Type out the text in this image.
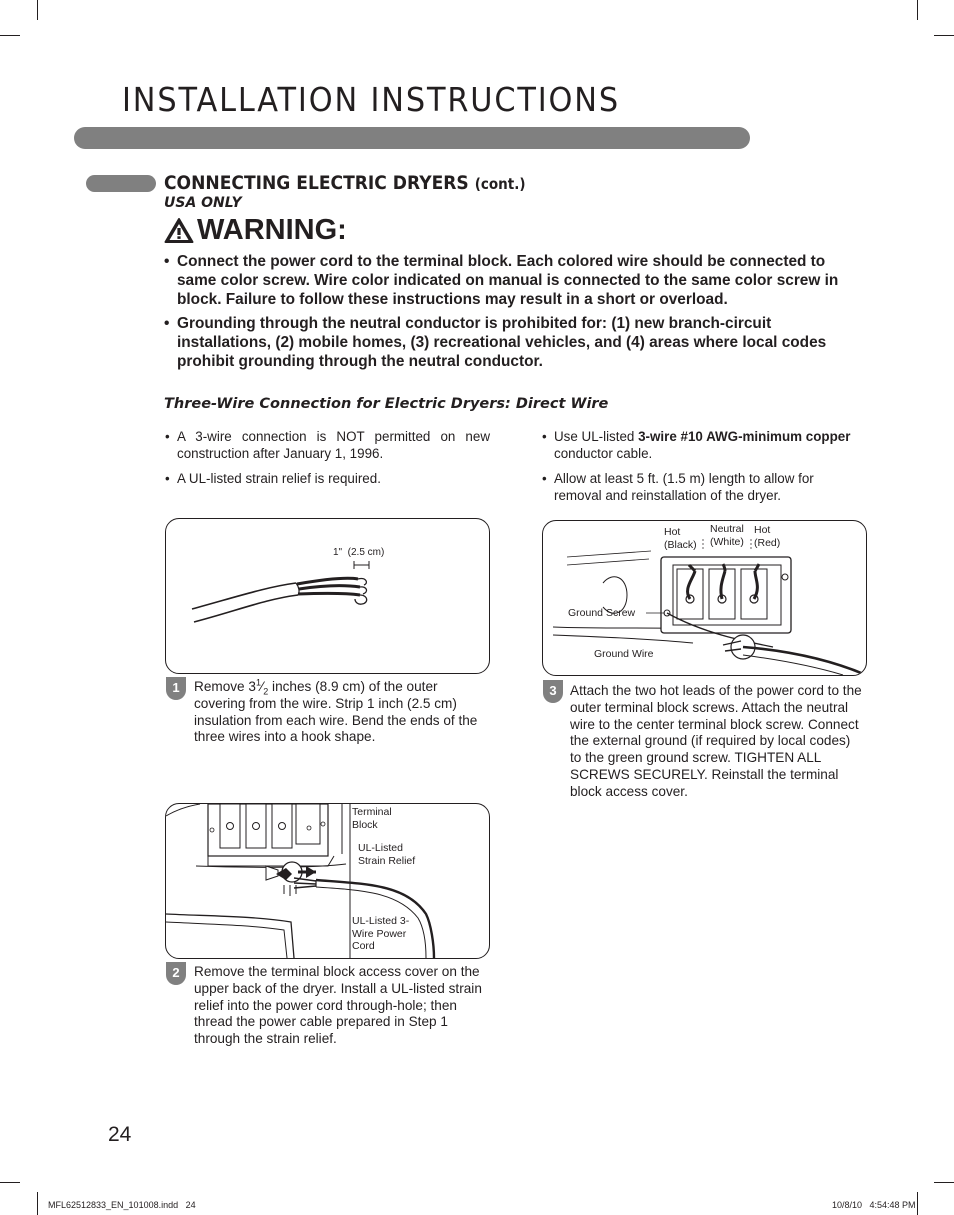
INSTALLATION INSTRUCTIONS
CONNECTING ELECTRIC DRYERS (cont.)
USA ONLY
WARNING:
• Connect the power cord to the terminal block. Each colored wire should be connected to same color screw. Wire color indicated on manual is connected to the same color screw in block. Failure to follow these instructions may result in a short or overload.
• Grounding through the neutral conductor is prohibited for: (1) new branch-circuit installations, (2) mobile homes, (3) recreational vehicles, and (4) areas where local codes prohibit grounding through the neutral conductor.
Three-Wire Connection for Electric Dryers: Direct Wire
• A 3-wire connection is NOT permitted on new construction after January 1, 1996.
• A UL-listed strain relief is required.
• Use UL-listed 3-wire #10 AWG-minimum copper conductor cable.
• Allow at least 5 ft. (1.5 m) length to allow for removal and reinstallation of the dryer.
1"  (2.5 cm)
1	Remove $3^1⁄_2$ inches (8.9 cm) of the outer covering from the wire. Strip 1 inch (2.5 cm) insulation from each wire. Bend the ends of the three wires into a hook shape.
Terminal Block
UL-Listed Strain Relief
UL-Listed 3-Wire Power Cord
2	Remove the terminal block access cover on the upper back of the dryer. Install a UL-listed strain relief into the power cord through-hole; then thread the power cable prepared in Step 1 through the strain relief.
Hot (Black)
Neutral (White)
Hot (Red)
Ground Screw
Ground Wire
3 Attach the two hot leads of the power cord to the outer terminal block screws. Attach the neutral wire to the center terminal block screw. Connect the external ground (if required by local codes) to the green ground screw. TIGHTEN ALL SCREWS SECURELY. Reinstall the terminal block access cover.
24
MFL62512833_EN_101008.indd   24	10/8/10   4:54:48 PM
